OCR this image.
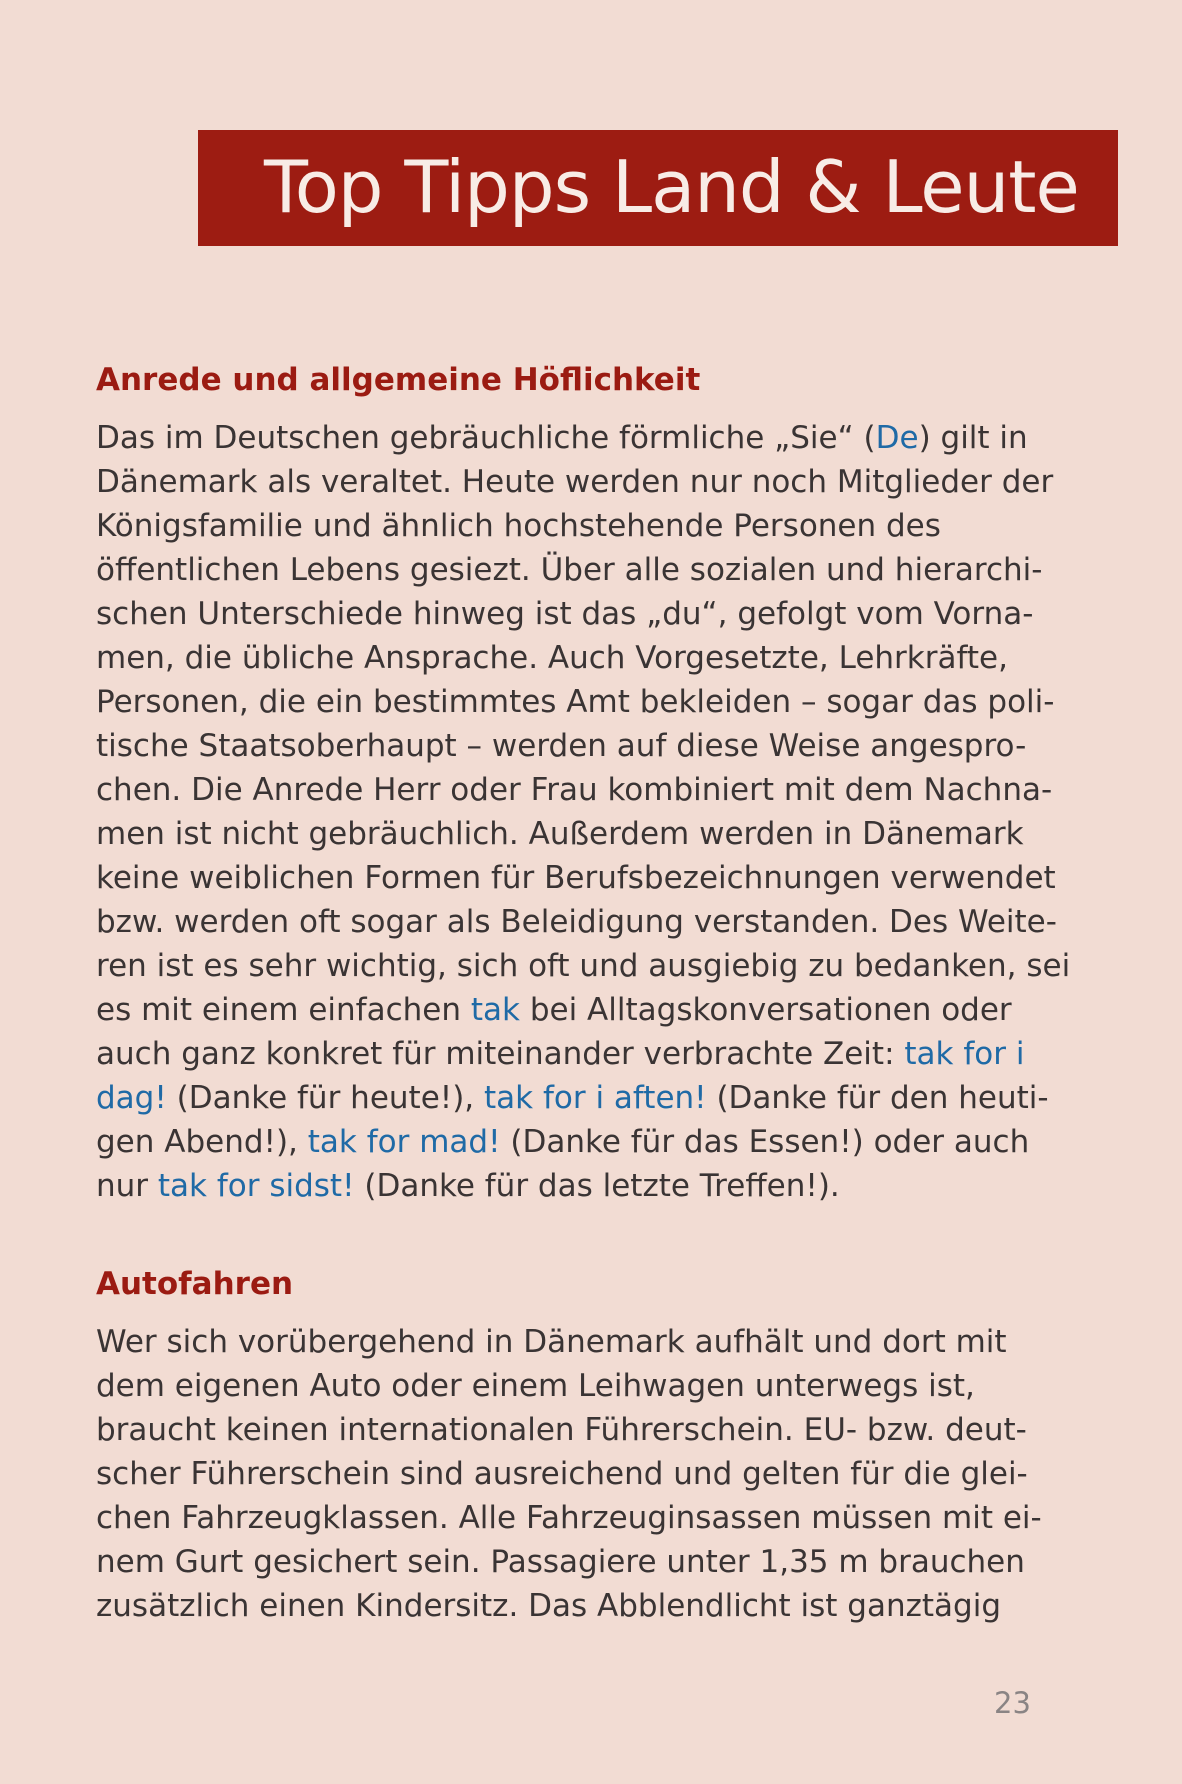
Top Tipps Land & Leute
Anrede und allgemeine Höflichkeit
Das im Deutschen gebräuchliche förmliche „Sie“ (De) gilt in
Dänemark als veraltet. Heute werden nur noch Mitglieder der
Königsfamilie und ähnlich hochstehende Personen des
öffentlichen Lebens gesiezt. Über alle sozialen und hierarchi-
schen Unterschiede hinweg ist das „du“, gefolgt vom Vorna-
men, die übliche Ansprache. Auch Vorgesetzte, Lehrkräfte,
Personen, die ein bestimmtes Amt bekleiden – sogar das poli-
tische Staatsoberhaupt – werden auf diese Weise angespro-
chen. Die Anrede Herr oder Frau kombiniert mit dem Nachna-
men ist nicht gebräuchlich. Außerdem werden in Dänemark
keine weiblichen Formen für Berufsbezeichnungen verwendet
bzw. werden oft sogar als Beleidigung verstanden. Des Weite-
ren ist es sehr wichtig, sich oft und ausgiebig zu bedanken, sei
es mit einem einfachen tak bei Alltagskonversationen oder
auch ganz konkret für miteinander verbrachte Zeit: tak for i
dag! (Danke für heute!), tak for i aften! (Danke für den heuti-
gen Abend!), tak for mad! (Danke für das Essen!) oder auch
nur tak for sidst! (Danke für das letzte Treffen!).
Autofahren
Wer sich vorübergehend in Dänemark aufhält und dort mit
dem eigenen Auto oder einem Leihwagen unterwegs ist,
braucht keinen internationalen Führerschein. EU- bzw. deut-
scher Führerschein sind ausreichend und gelten für die glei-
chen Fahrzeugklassen. Alle Fahrzeuginsassen müssen mit ei-
nem Gurt gesichert sein. Passagiere unter 1,35 m brauchen
zusätzlich einen Kindersitz. Das Abblendlicht ist ganztägig
23
